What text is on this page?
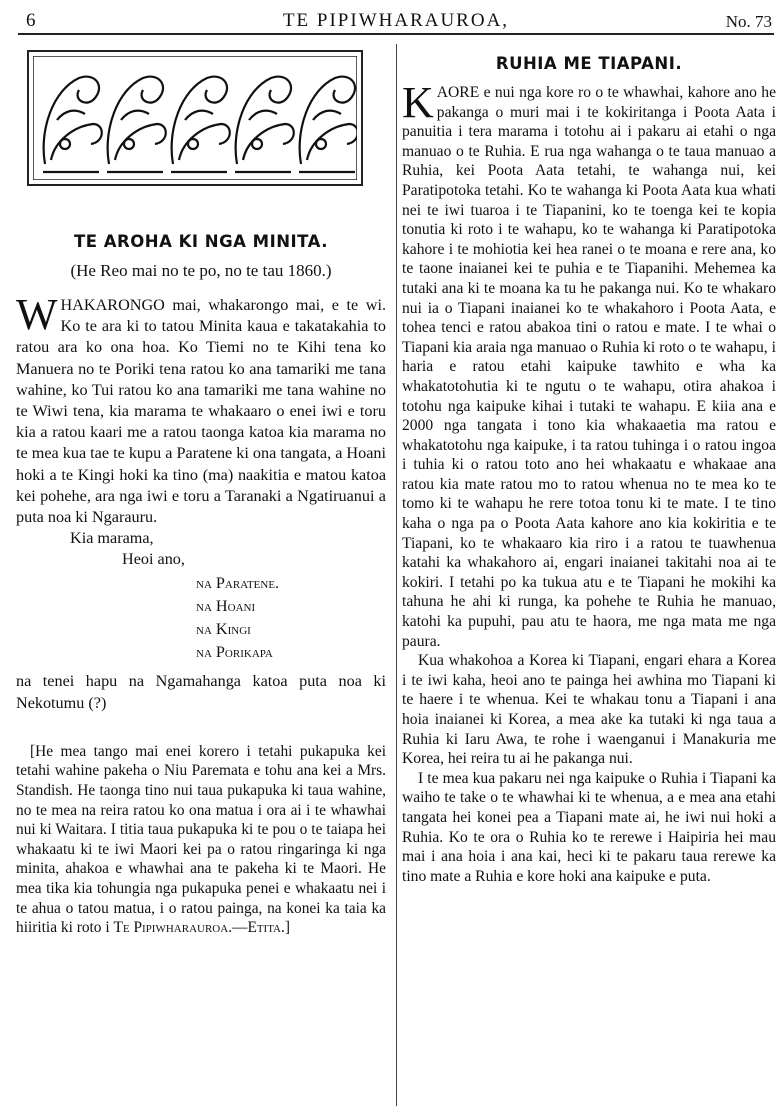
6	TE PIPIWHARAUROA,	No. 73
TE AROHA KI NGA MINITA.
(He Reo mai no te po, no te tau 1860.)

WHAKARONGO mai, whakarongo mai, e te wi. Ko te ara ki to tatou Minita kaua e takatakahia to ratou ara ko ona hoa. Ko Tiemi no te Kihi tena ko Manuera no te Poriki tena ratou ko ana tamariki me tana wahine, ko Tui ratou ko ana tamariki me tana wahine no te Wiwi tena, kia marama te whakaaro o enei iwi e toru kia a ratou kaari me a ratou taonga katoa kia marama no te mea kua tae te kupu a Paratene ki ona tangata, a Hoani hoki a te Kingi hoki ka tino (ma) naakitia e matou katoa kei pohehe, ara nga iwi e toru a Taranaki a Ngatiruanui a puta noa ki Ngarauru.

Kia marama,
Heoi ano,
na Paratene.
na Hoani
na Kingi
na Porikapa

na tenei hapu na Ngamahanga katoa puta noa ki Nekotumu (?)

[He mea tango mai enei korero i tetahi pukapuka kei tetahi wahine pakeha o Niu Paremata e tohu ana kei a Mrs. Standish. He taonga tino nui taua pukapuka ki taua wahine, no te mea na reira ratou ko ona matua i ora ai i te whawhai nui ki Waitara. I titia taua pukapuka ki te pou o te taiapa hei whakaatu ki te iwi Maori kei pa o ratou ringaringa ki nga minita, ahakoa e whawhai ana te pakeha ki te Maori. He mea tika kia tohungia nga pukapuka penei e whakaatu nei i te ahua o tatou matua, i o ratou painga, na konei ka taia ka hiiritia ki roto i Te Pipiwharauroa.—Etita.]

RUHIA ME TIAPANI.

KAORE e nui nga kore ro o te whawhai, kahore ano he pakanga o muri mai i te kokiritanga i Poota Aata i panuitia i tera marama i totohu ai i pakaru ai etahi o nga manuao o te Ruhia. E rua nga wahanga o te taua manuao a Ruhia, kei Poota Aata tetahi, te wahanga nui, kei Paratipotoka tetahi. Ko te wahanga ki Poota Aata kua whati nei te iwi tuaroa i te Tiapanini, ko te toenga kei te kopia tonutia ki roto i te wahapu, ko te wahanga ki Paratipotoka kahore i te mohiotia kei hea ranei o te moana e rere ana, ko te taone inaianei kei te puhia e te Tiapanihi. Mehemea ka tutaki ana ki te moana ka tu he pakanga nui. Ko te whakaro nui ia o Tiapani inaianei ko te whakahoro i Poota Aata, e tohea tenci e ratou abakoa tini o ratou e mate. I te whai o Tiapani kia araia nga manuao o Ruhia ki roto o te wahapu, i haria e ratou etahi kaipuke tawhito e wha ka whakatotohutia ki te ngutu o te wahapu, otira ahakoa i totohu nga kaipuke kihai i tutaki te wahapu. E kiia ana e 2000 nga tangata i tono kia whakaaetia ma ratou e whakatotohu nga kaipuke, i ta ratou tuhinga i o ratou ingoa i tuhia ki o ratou toto ano hei whakaatu e whakaae ana ratou kia mate ratou mo to ratou whenua no te mea ko te tomo ki te wahapu he rere totoa tonu ki te mate. I te tino kaha o nga pa o Poota Aata kahore ano kia kokiritia e te Tiapani, ko te whakaaro kia riro i a ratou te tuawhenua katahi ka whakahoro ai, engari inaianei takitahi noa ai te kokiri. I tetahi po ka tukua atu e te Tiapani he mokihi ka tahuna he ahi ki runga, ka pohehe te Ruhia he manuao, katohi ka pupuhi, pau atu te haora, me nga mata me nga paura.

Kua whakohoa a Korea ki Tiapani, engari ehara a Korea i te iwi kaha, heoi ano te painga hei awhina mo Tiapani ki te haere i te whenua. Kei te whakau tonu a Tiapani i ana hoia inaianei ki Korea, a mea ake ka tutaki ki nga taua a Ruhia ki Iaru Awa, te rohe i waenganui i Manakuria me Korea, hei reira tu ai he pakanga nui.

I te mea kua pakaru nei nga kaipuke o Ruhia i Tiapani ka waiho te take o te whawhai ki te whenua, a e mea ana etahi tangata hei konei pea a Tiapani mate ai, he iwi nui hoki a Ruhia. Ko te ora o Ruhia ko te rerewe i Haipiria hei mau mai i ana hoia i ana kai, heci ki te pakaru taua rerewe ka tino mate a Ruhia e kore hoki ana kaipuke e puta.
